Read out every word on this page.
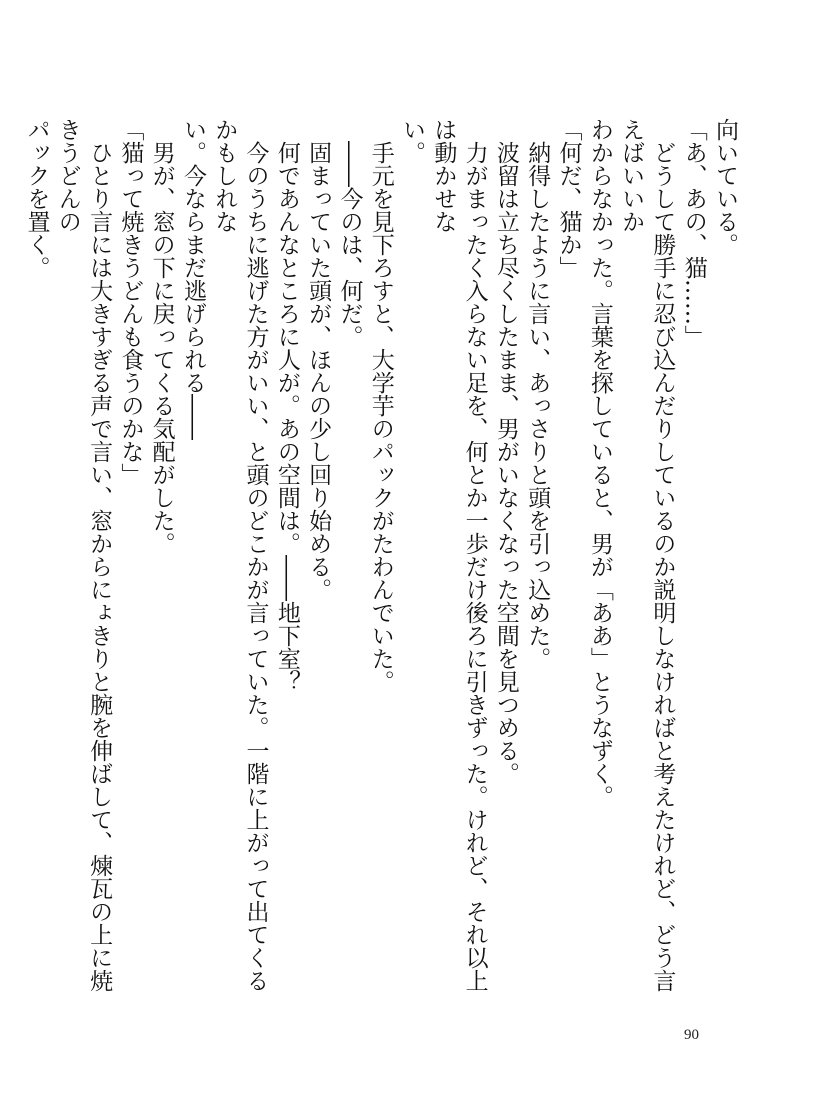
向いている。

「あ、あの、猫……」

　どうして勝手に忍び込んだりしているのか説明しなければと考えたけれど、どう言えばいいか

わからなかった。言葉を探していると、男が「ああ」とうなずく。

「何だ、猫か」

　納得したように言い、あっさりと頭を引っ込めた。

　波留は立ち尽くしたまま、男がいなくなった空間を見つめる。

　力がまったく入らない足を、何とか一歩だけ後ろに引きずった。けれど、それ以上は動かせな

い。

　手元を見下ろすと、大学芋のパックがたわんでいた。

　――今のは、何だ。

　固まっていた頭が、ほんの少し回り始める。

　何であんなところに人が。あの空間は。――地下室？

　今のうちに逃げた方がいい、と頭のどこかが言っていた。一階に上がって出てくるかもしれな

い。今ならまだ逃げられる――

　男が、窓の下に戻ってくる気配がした。

「猫って焼きうどんも食うのかな」

　ひとり言には大きすぎる声で言い、窓からにょきりと腕を伸ばして、煉瓦の上に焼きうどんの

パックを置く。

90
